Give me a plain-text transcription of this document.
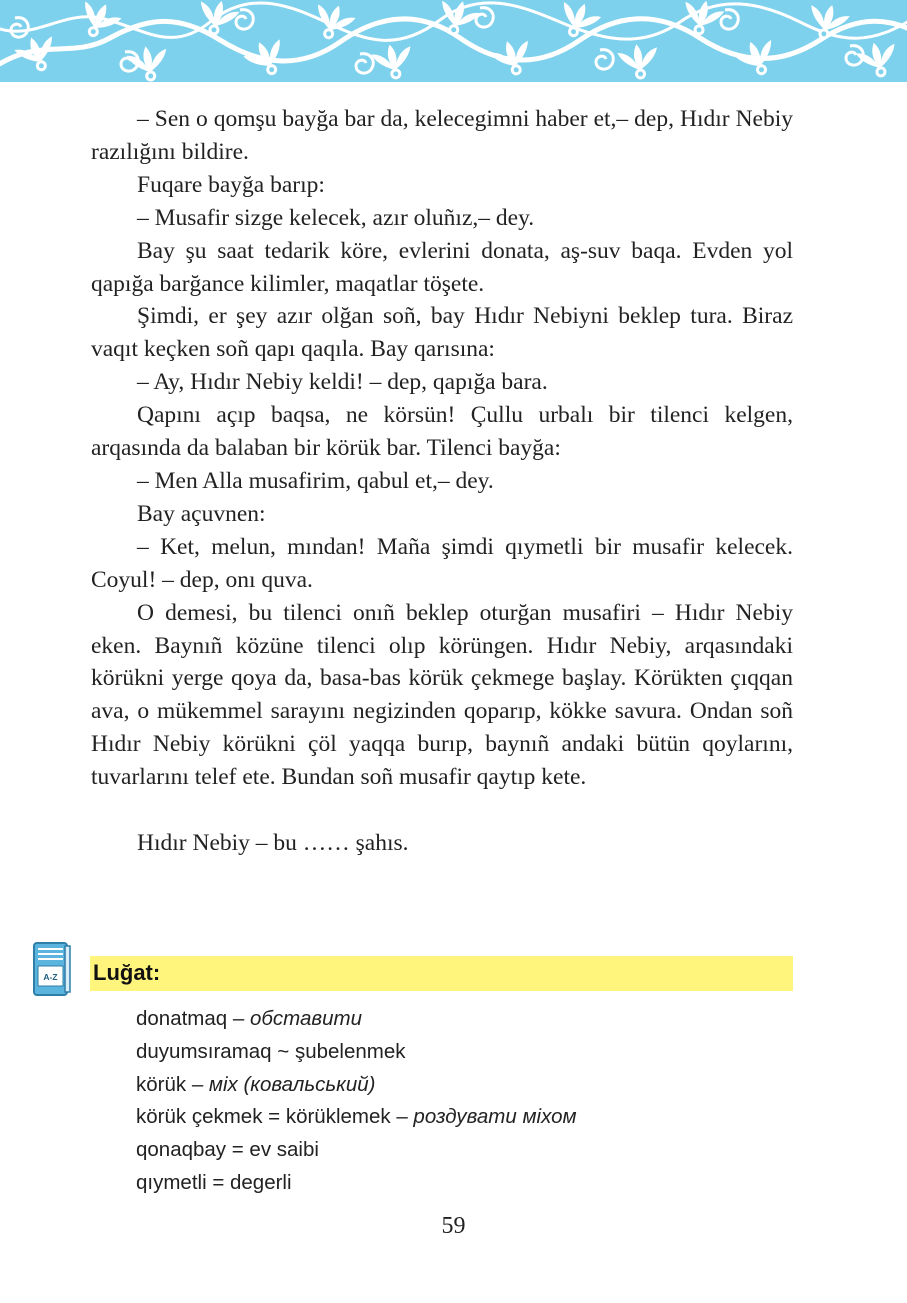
– Sen o qomşu bayğa bar da, kelecegimni haber et,– dep, Hıdır Nebiy razılığını bildire.

Fuqare bayğa barıp:

– Musafir sizge kelecek, azır oluñız,– dey.

Bay şu saat tedarik köre, evlerini donata, aş-suv baqa. Evden yol qapığa barğance kilimler, maqatlar töşete.

Şimdi, er şey azır olğan soñ, bay Hıdır Nebiyni beklep tura. Biraz vaqıt keçken soñ qapı qaqıla. Bay qarısına:

– Ay, Hıdır Nebiy keldi! – dep, qapığa bara.

Qapını açıp baqsa, ne körsün! Çullu urbalı bir tilenci kelgen, arqasında da balaban bir körük bar. Tilenci bayğa:

– Men Alla musafirim, qabul et,– dey.

Bay açuvnen:

– Ket, melun, mından! Maña şimdi qıymetli bir musafir kelecek. Coyul! – dep, onı quva.

O demesi, bu tilenci onıñ beklep oturğan musafiri – Hıdır Nebiy eken. Baynıñ közüne tilenci olıp körüngen. Hıdır Nebiy, arqasındaki körükni yerge qoya da, basa-bas körük çekmege başlay. Körükten çıqqan ava, o mükemmel sarayını negizinden qoparıp, kökke savura. Ondan soñ Hıdır Nebiy körükni çöl yaqqa burıp, baynıñ andaki bütün qoylarını, tuvarlarını telef ete. Bundan soñ musafir qaytıp kete.

Hıdır Nebiy – bu …… şahıs.

A-Z Luğat:
donatmaq – обставити
duyumsıramaq ~ şubelenmek
körük – міх (ковальський)
körük çekmek = körüklemek – роздувати міхом
qonaqbay = ev saibi
qıymetli = degerli
59
